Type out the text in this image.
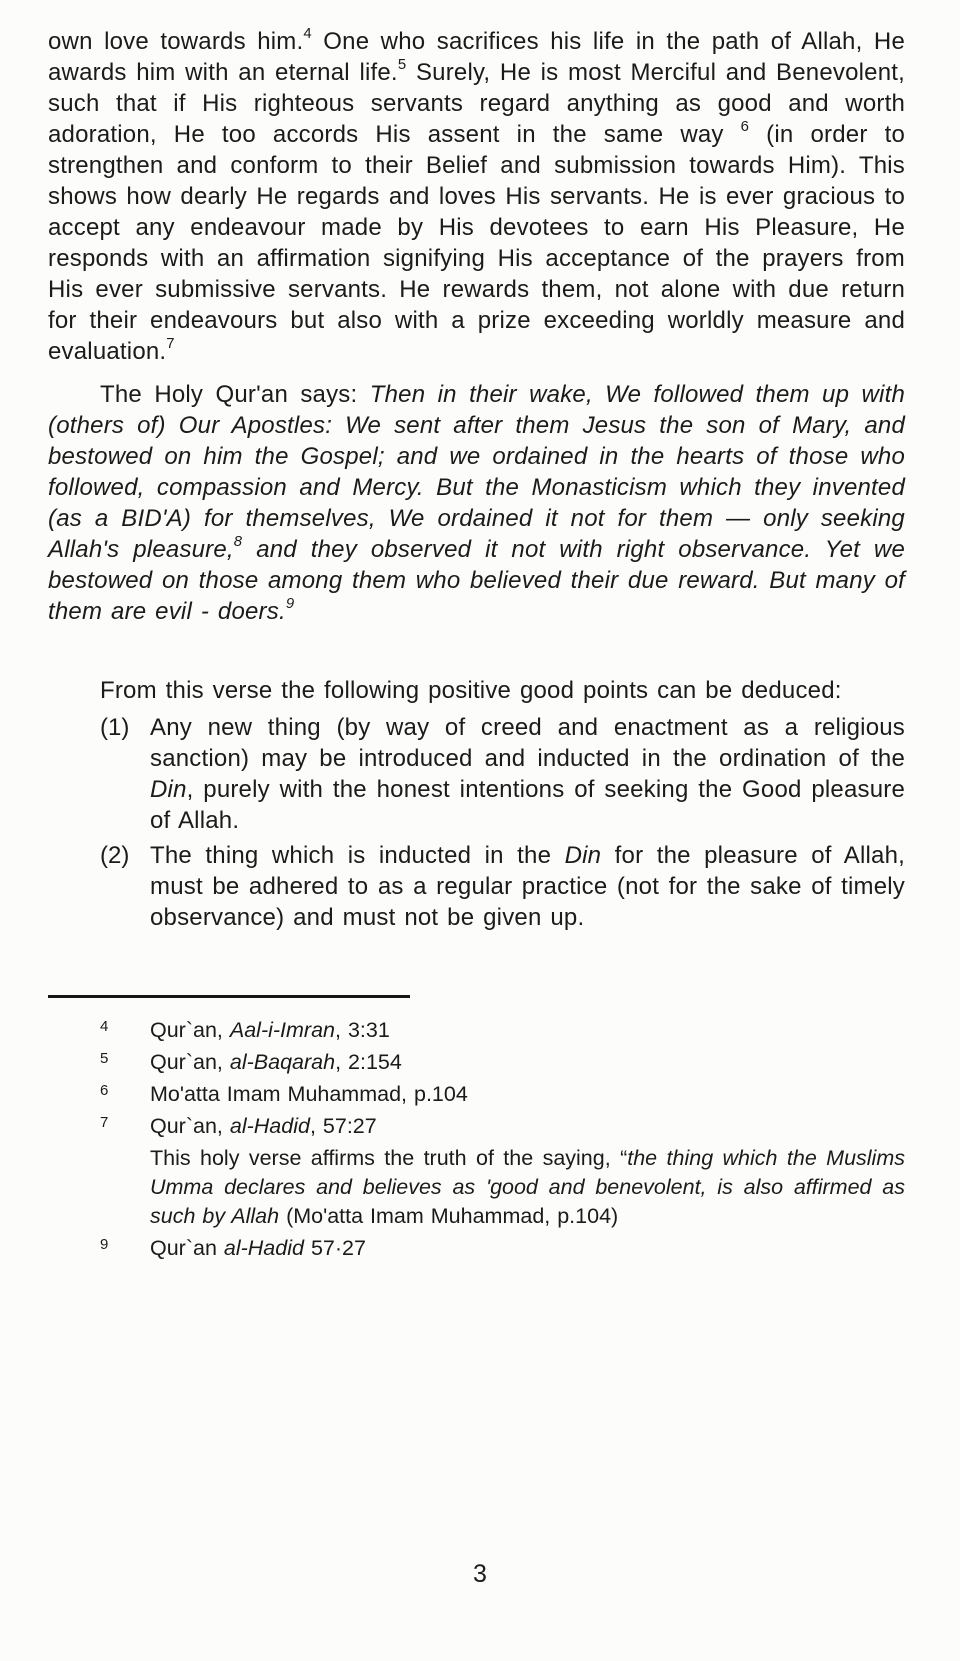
own love towards him.$^4$ One who sacrifices his life in the path of Allah, He awards him with an eternal life.$^5$ Surely, He is most Merciful and Benevolent, such that if His righteous servants regard anything as good and worth adoration, He too accords His assent in the same way $^6$ (in order to strengthen and conform to their Belief and submission towards Him). This shows how dearly He regards and loves His servants. He is ever gracious to accept any endeavour made by His devotees to earn His Pleasure, He responds with an affirmation signifying His acceptance of the prayers from His ever submissive servants. He rewards them, not alone with due return for their endeavours but also with a prize exceeding worldly measure and evaluation.$^7$

The Holy Qur'an says: Then in their wake, We followed them up with (others of) Our Apostles: We sent after them Jesus the son of Mary, and bestowed on him the Gospel; and we ordained in the hearts of those who followed, compassion and Mercy. But the Monasticism which they invented (as a BID'A) for themselves, We ordained it not for them — only seeking Allah's pleasure,$^8$ and they observed it not with right observance. Yet we bestowed on those among them who believed their due reward. But many of them are evil - doers.$^9$

From this verse the following positive good points can be deduced:

(1) Any new thing (by way of creed and enactment as a religious sanction) may be introduced and inducted in the ordination of the Din, purely with the honest intentions of seeking the Good pleasure of Allah.
(2) The thing which is inducted in the Din for the pleasure of Allah, must be adhered to as a regular practice (not for the sake of timely observance) and must not be given up.
4	Qur`an, Aal-i-Imran, 3:31
5	Qur`an, al-Baqarah, 2:154
6	Mo'atta Imam Muhammad, p.104
7	Qur`an, al-Hadid, 57:27
This holy verse affirms the truth of the saying, “the thing which the Muslims Umma declares and believes as 'good and benevolent, is also affirmed as such by Allah (Mo'atta Imam Muhammad, p.104)
9	Qur`an al-Hadid 57·27
3
